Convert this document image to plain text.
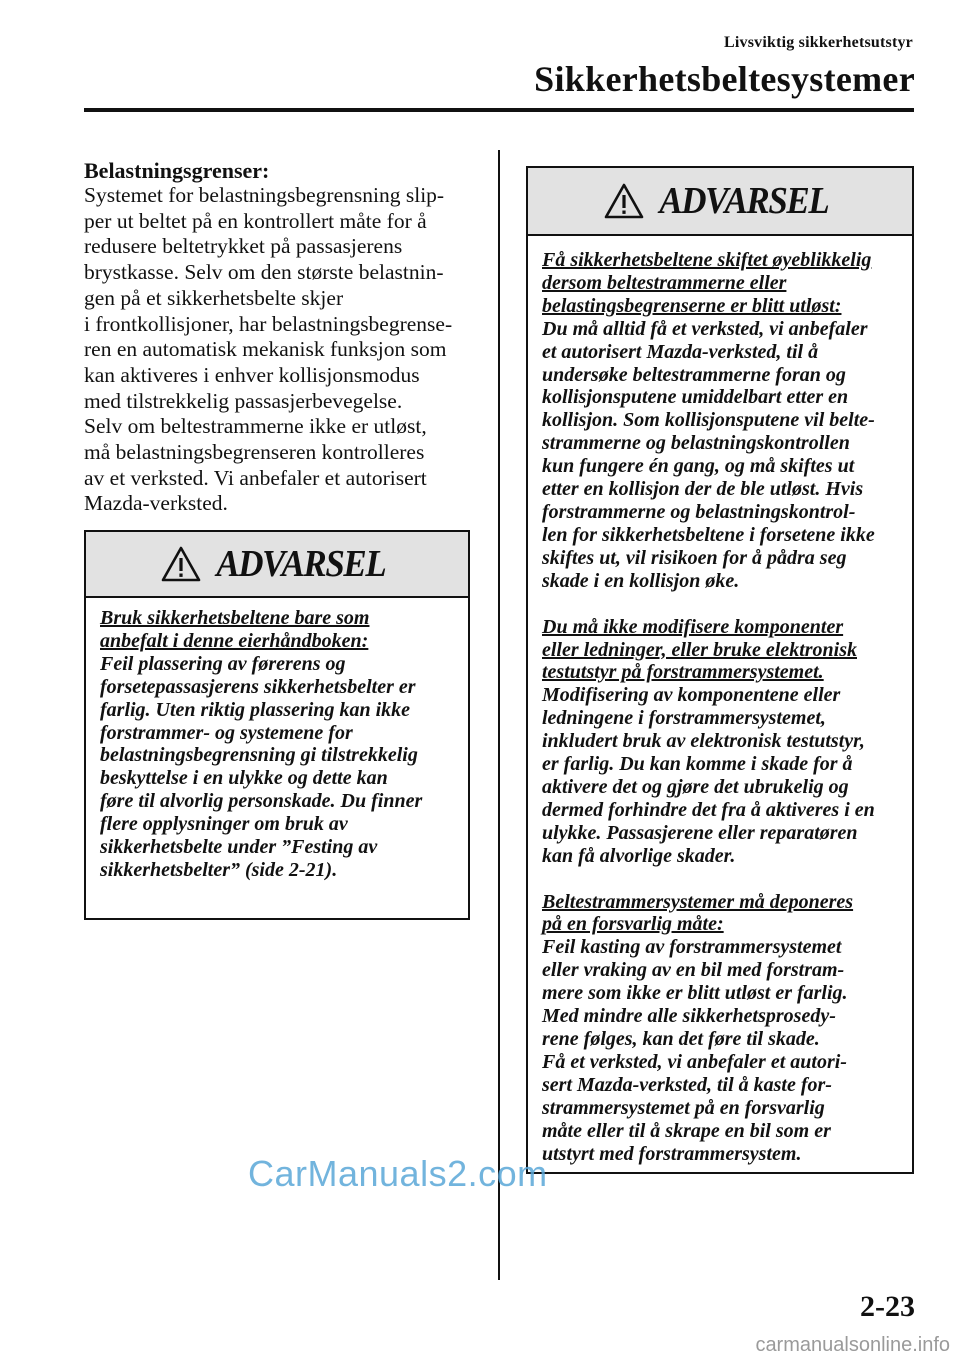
Livsviktig sikkerhetsutstyr
Sikkerhetsbeltesystemer
Belastningsgrenser:

Systemet for belastningsbegrensning slip-
per ut beltet på en kontrollert måte for å
redusere beltetrykket på passasjerens
brystkasse. Selv om den største belastnin-
gen på et sikkerhetsbelte skjer
i frontkollisjoner, har belastningsbegrense-
ren en automatisk mekanisk funksjon som
kan aktiveres i enhver kollisjonsmodus
med tilstrekkelig passasjerbevegelse.
Selv om beltestrammerne ikke er utløst,
må belastningsbegrenseren kontrolleres
av et verksted. Vi anbefaler et autorisert
Mazda-verksted.

ADVARSEL
Bruk sikkerhetsbeltene bare som
anbefalt i denne eierhåndboken:
Feil plassering av førerens og
forsetepassasjerens sikkerhetsbelter er
farlig. Uten riktig plassering kan ikke
forstrammer- og systemene for
belastningsbegrensning gi tilstrekkelig
beskyttelse i en ulykke og dette kan
føre til alvorlig personskade. Du finner
flere opplysninger om bruk av
sikkerhetsbelte under ”Festing av
sikkerhetsbelter” (side 2-21).
ADVARSEL
Få sikkerhetsbeltene skiftet øyeblikkelig
dersom beltestrammerne eller
belastingsbegrenserne er blitt utløst:
Du må alltid få et verksted, vi anbefaler
et autorisert Mazda-verksted, til å
undersøke beltestrammerne foran og
kollisjonsputene umiddelbart etter en
kollisjon. Som kollisjonsputene vil belte-
strammerne og belastningskontrollen
kun fungere én gang, og må skiftes ut
etter en kollisjon der de ble utløst. Hvis
forstrammerne og belastningskontrol-
len for sikkerhetsbeltene i forsetene ikke
skiftes ut, vil risikoen for å pådra seg
skade i en kollisjon øke.
Du må ikke modifisere komponenter
eller ledninger, eller bruke elektronisk
testutstyr på forstrammersystemet.
Modifisering av komponentene eller
ledningene i forstrammersystemet,
inkludert bruk av elektronisk testutstyr,
er farlig. Du kan komme i skade for å
aktivere det og gjøre det ubrukelig og
dermed forhindre det fra å aktiveres i en
ulykke. Passasjerene eller reparatøren
kan få alvorlige skader.
Beltestrammersystemer må deponeres
på en forsvarlig måte:
Feil kasting av forstrammersystemet
eller vraking av en bil med forstram-
mere som ikke er blitt utløst er farlig.
Med mindre alle sikkerhetsprosedy-
rene følges, kan det føre til skade.
Få et verksted, vi anbefaler et autori-
sert Mazda-verksted, til å kaste for-
strammersystemet på en forsvarlig
måte eller til å skrape en bil som er
utstyrt med forstrammersystem.
CarManuals2.com
2-23
carmanualsonline.info
